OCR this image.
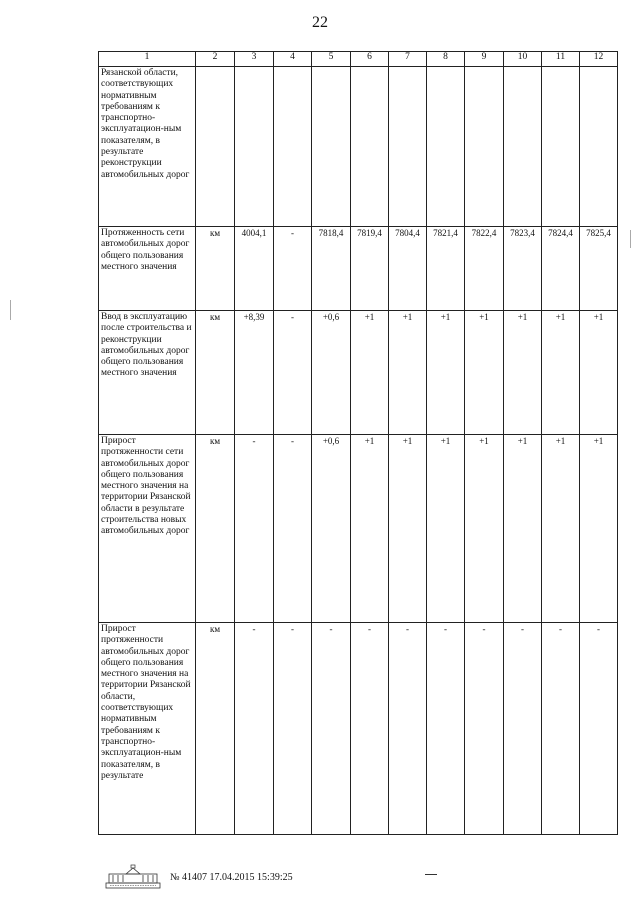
22
1	2	3	4	5	6	7	8	9	10	11	12
Рязанской области, соответствующих нормативным требованиям к транспортно-эксплуатацион-ным показателям, в результате реконструкции автомобильных дорог											
Протяженность сети автомобильных дорог общего пользования местного значения	км	4004,1	-	7818,4	7819,4	7804,4	7821,4	7822,4	7823,4	7824,4	7825,4
Ввод в эксплуатацию после строительства и реконструкции автомобильных дорог общего пользования местного значения	км	+8,39	-	+0,6	+1	+1	+1	+1	+1	+1	+1
Прирост протяженности сети автомобильных дорог общего пользования местного значения на территории Рязанской области в результате строительства новых автомобильных дорог	км	-	-	+0,6	+1	+1	+1	+1	+1	+1	+1
Прирост протяженности автомобильных дорог общего пользования местного значения на территории Рязанской области, соответствующих нормативным требованиям к транспортно-эксплуатацион-ным показателям, в результате	км	-	-	-	-	-	-	-	-	-	-
№ 41407 17.04.2015 15:39:25
